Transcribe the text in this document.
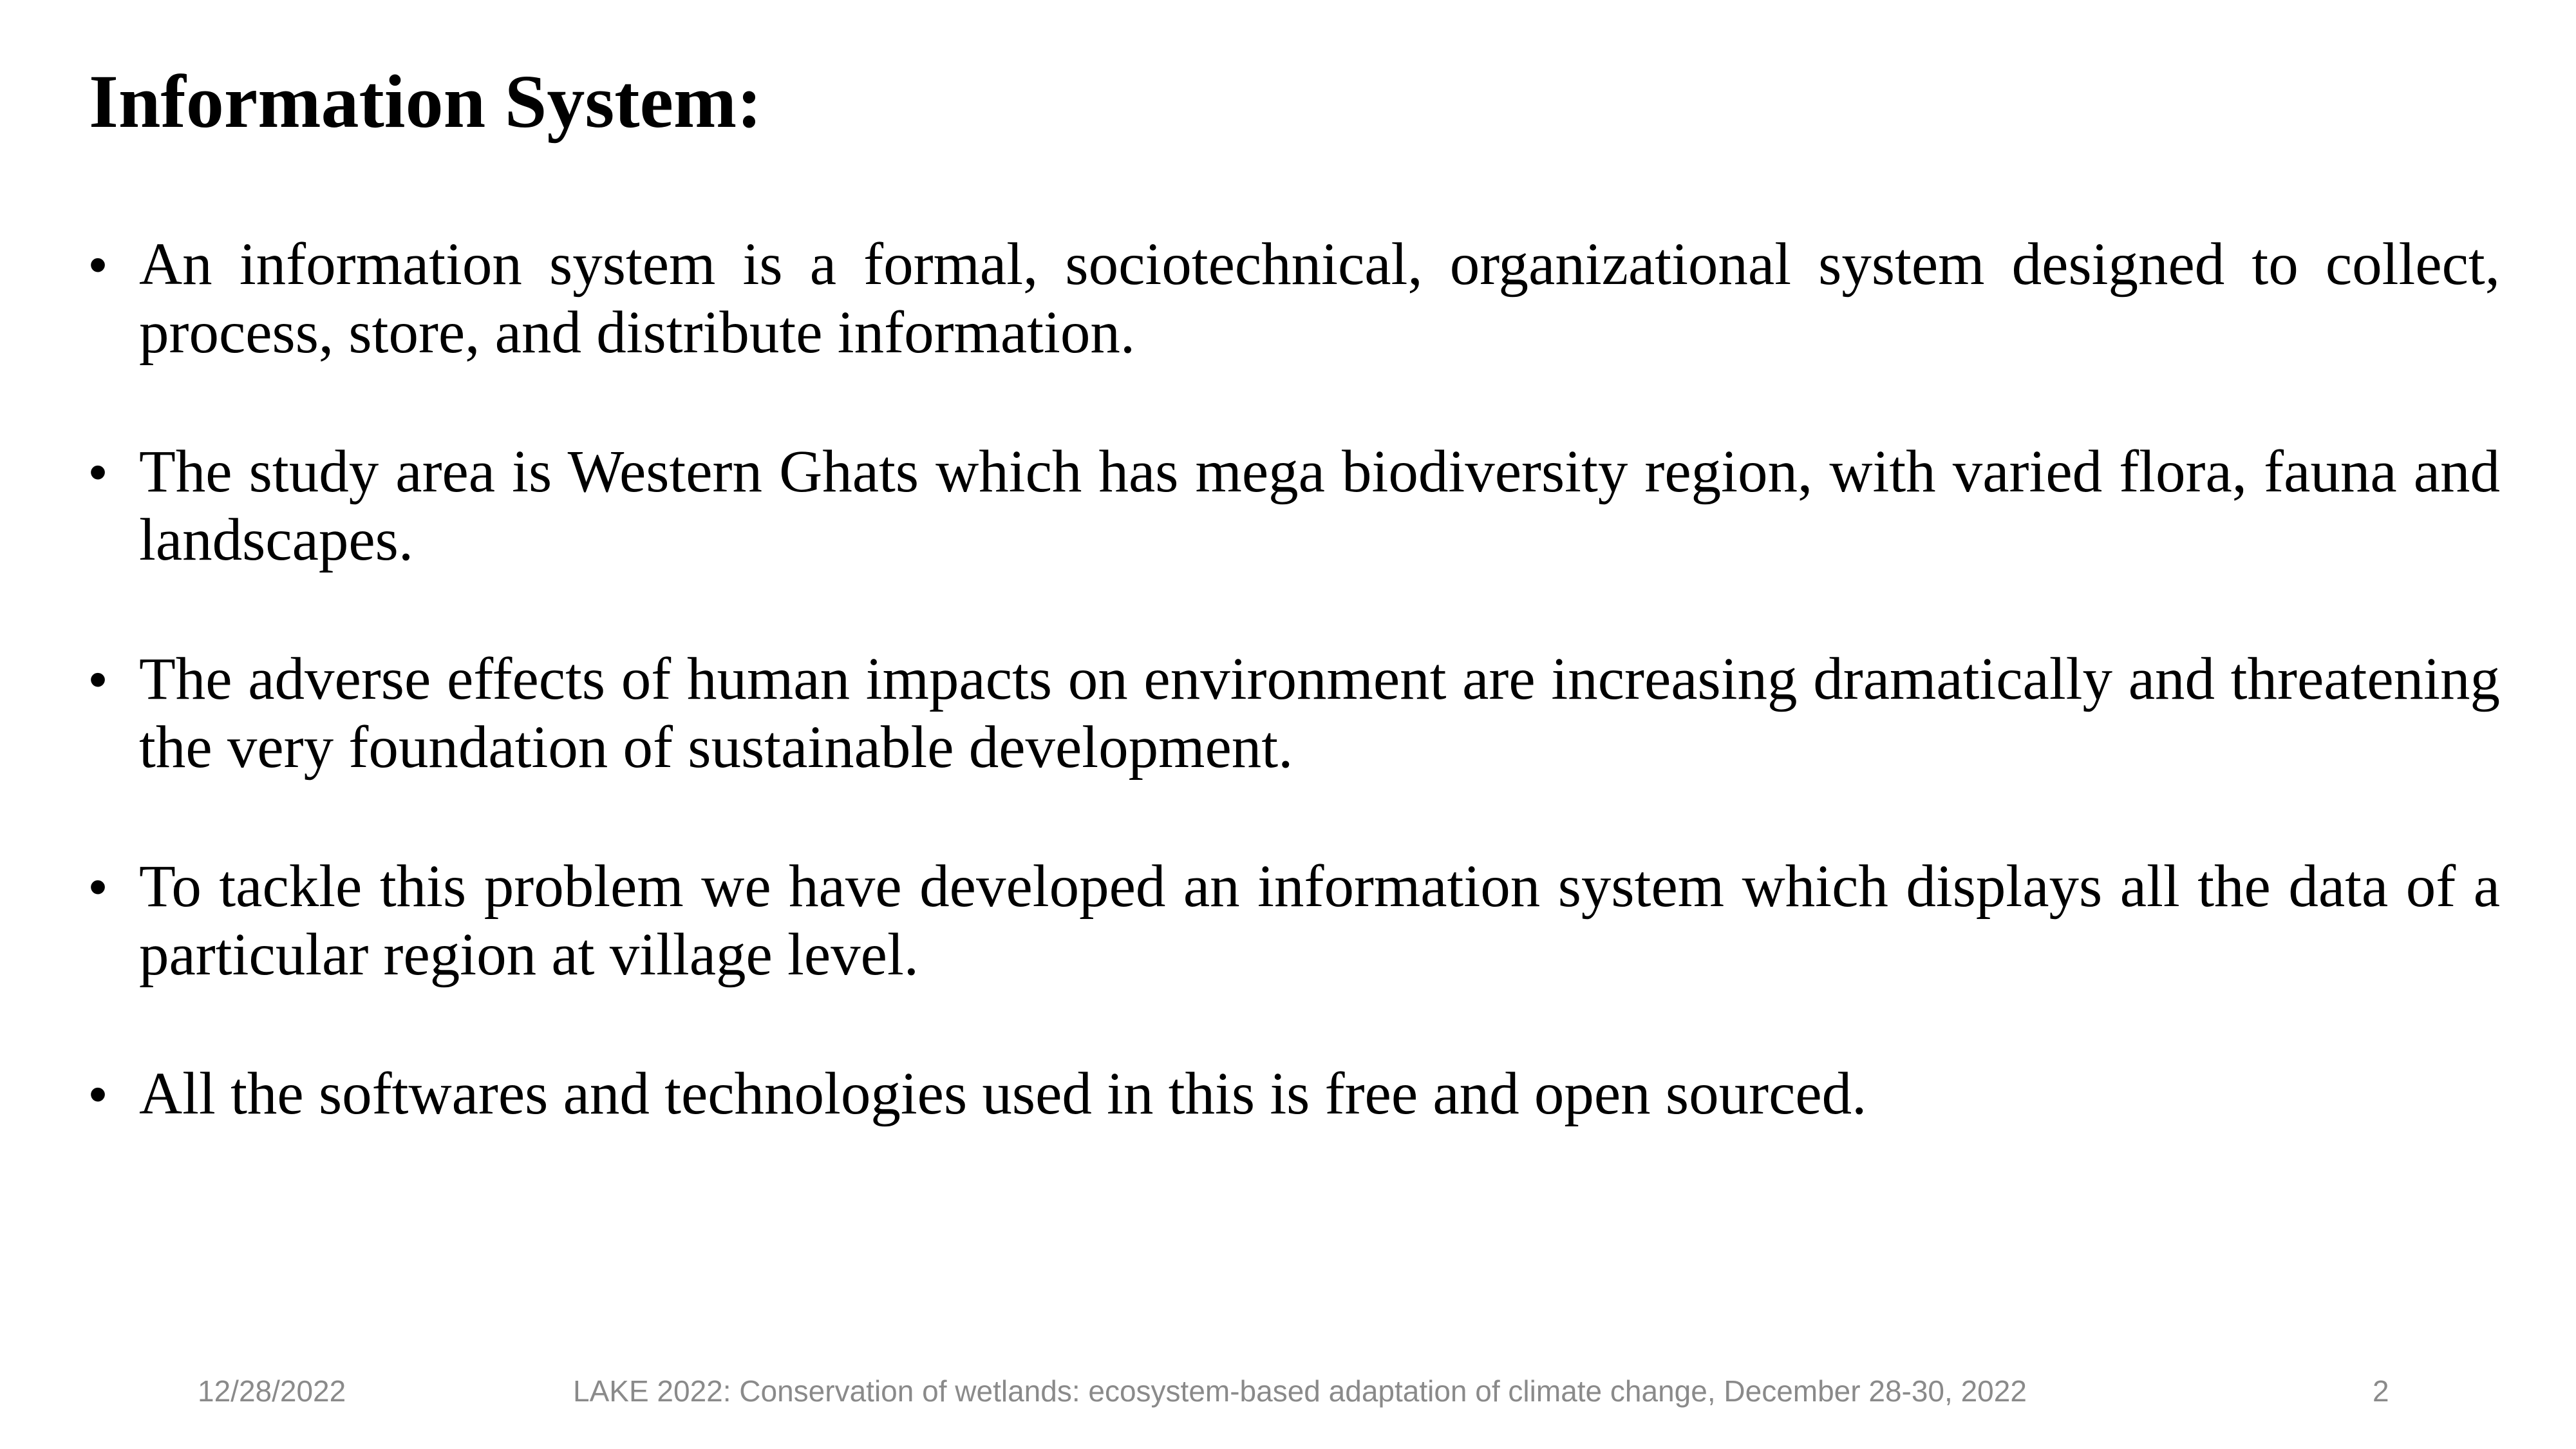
Information System:
• An information system is a formal, sociotechnical, organizational system designed to collect, process, store, and distribute information.
• The study area is Western Ghats which has mega biodiversity region, with varied flora, fauna and landscapes.
• The adverse effects of human impacts on environment are increasing dramatically and threatening the very foundation of sustainable development.
• To tackle this problem we have developed an information system which displays all the data of a particular region at village level.
• All the softwares and technologies used in this is free and open sourced.
12/28/2022	LAKE 2022: Conservation of wetlands: ecosystem-based adaptation of climate change, December 28-30, 2022	2
